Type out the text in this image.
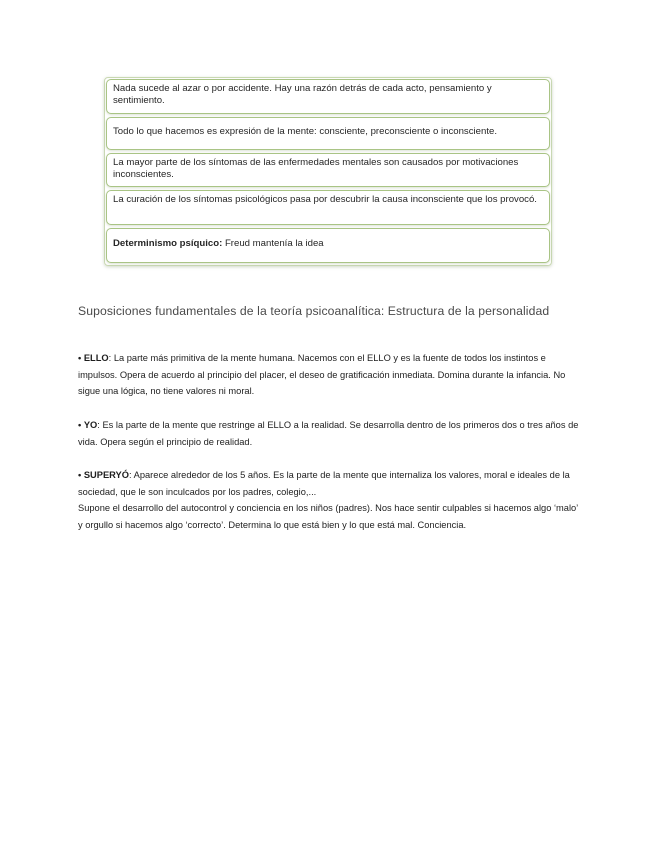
Nada sucede al azar o por accidente. Hay una razón detrás de cada acto, pensamiento y sentimiento.
Todo lo que hacemos es expresión de la mente: consciente, preconsciente o inconsciente.
La mayor parte de los síntomas de las enfermedades mentales son causados por motivaciones inconscientes.
La curación de los síntomas psicológicos pasa por descubrir la causa inconsciente que los provocó.
Determinismo psíquico: Freud mantenía la idea
Suposiciones fundamentales de la teoría psicoanalítica: Estructura de la personalidad
• ELLO: La parte más primitiva de la mente humana. Nacemos con el ELLO y es la fuente de todos los instintos e impulsos. Opera de acuerdo al principio del placer, el deseo de gratificación inmediata. Domina durante la infancia. No sigue una lógica, no tiene valores ni moral.
• YO: Es la parte de la mente que restringe al ELLO a la realidad. Se desarrolla dentro de los primeros dos o tres años de vida. Opera según el principio de realidad.
• SUPERYÓ: Aparece alrededor de los 5 años. Es la parte de la mente que internaliza los valores, moral e ideales de la sociedad, que le son inculcados por los padres, colegio,...
Supone el desarrollo del autocontrol y conciencia en los niños (padres). Nos hace sentir culpables si hacemos algo ‘malo’ y orgullo si hacemos algo ‘correcto’. Determina lo que está bien y lo que está mal. Conciencia.
